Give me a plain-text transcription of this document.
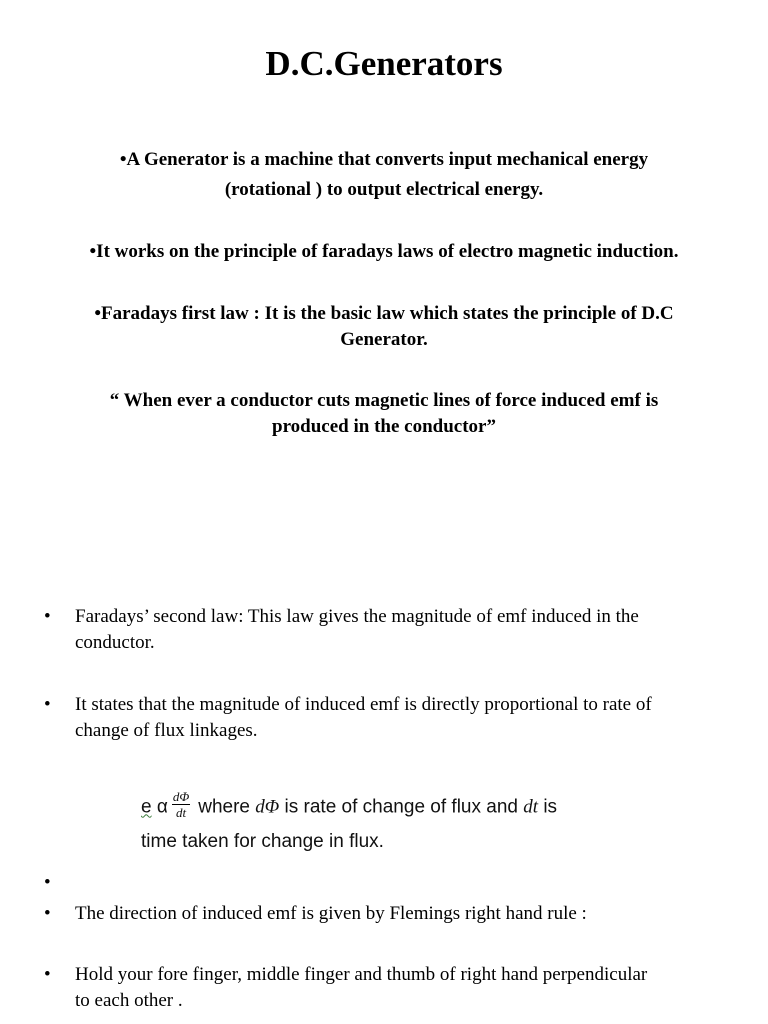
D.C.Generators
•A Generator is a machine that converts input mechanical energy
(rotational ) to output electrical energy.
•It works on the principle of faradays laws of electro magnetic induction.
•Faradays first law : It is the basic law which states the principle of D.C
Generator.
“ When ever a conductor cuts magnetic lines of force induced emf is
produced in the conductor”
•	Faradays’ second law: This law gives the magnitude of emf induced in the
conductor.
•	It states that the magnitude of induced emf is directly proportional to rate of
change of flux linkages.
e α $\frac{d\Phi}{dt}$ where dΦ is rate of change of flux and dt is
time taken for change in flux.
•
•	The direction of induced emf is given by Flemings right hand rule :
•	Hold your fore finger, middle finger and thumb of right hand perpendicular
to each other .
